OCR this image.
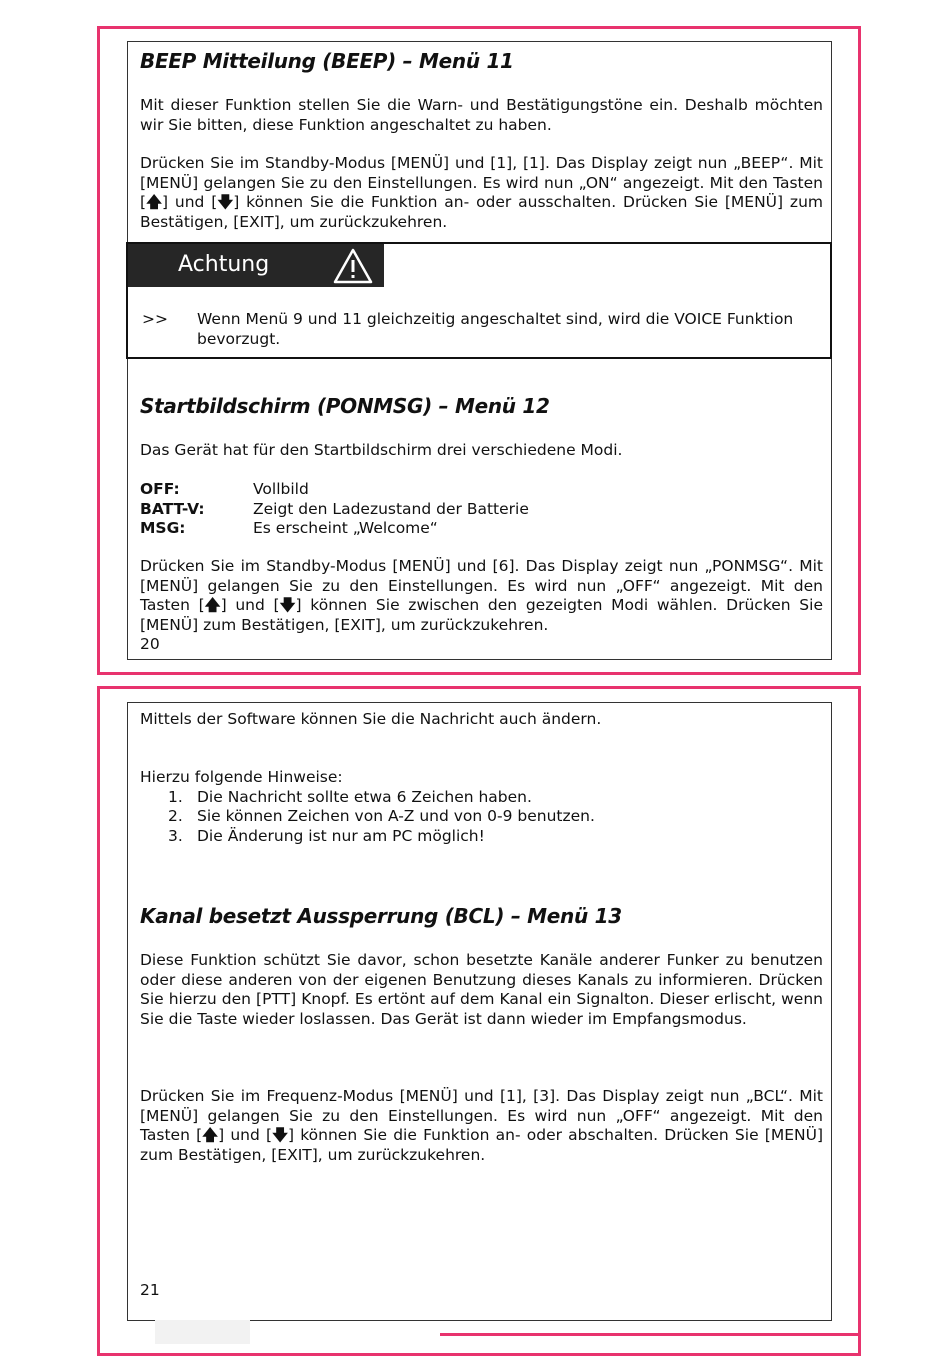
BEEP Mitteilung (BEEP) – Menü 11

Mit dieser Funktion stellen Sie die Warn- und Bestätigungstöne ein. Deshalb möchten wir Sie bitten, diese Funktion angeschaltet zu haben.

Drücken Sie im Standby-Modus [MENÜ] und [1], [1]. Das Display zeigt nun „BEEP“. Mit [MENÜ] gelangen Sie zu den Einstellungen. Es wird nun „ON“ angezeigt. Mit den Tasten [🡅] und [🡇] können Sie die Funktion an- oder ausschalten. Drücken Sie [MENÜ] zum Bestätigen, [EXIT], um zurückzukehren.

Achtung
>> Wenn Menü 9 und 11 gleichzeitig angeschaltet sind, wird die VOICE Funktion bevorzugt.

Startbildschirm (PONMSG) – Menü 12

Das Gerät hat für den Startbildschirm drei verschiedene Modi.

OFF:	Vollbild
BATT-V:	Zeigt den Ladezustand der Batterie
MSG:	Es erscheint „Welcome“

Drücken Sie im Standby-Modus [MENÜ] und [6]. Das Display zeigt nun „PONMSG“. Mit [MENÜ] gelangen Sie zu den Einstellungen. Es wird nun „OFF“ angezeigt. Mit den Tasten [🡅] und [🡇] können Sie zwischen den gezeigten Modi wählen. Drücken Sie [MENÜ] zum Bestätigen, [EXIT], um zurückzukehren.

20

Mittels der Software können Sie die Nachricht auch ändern.

Hierzu folgende Hinweise:

1. Die Nachricht sollte etwa 6 Zeichen haben.
2. Sie können Zeichen von A-Z und von 0-9 benutzen.
3. Die Änderung ist nur am PC möglich!
Kanal besetzt Aussperrung (BCL) – Menü 13

Diese Funktion schützt Sie davor, schon besetzte Kanäle anderer Funker zu benutzen oder diese anderen von der eigenen Benutzung dieses Kanals zu informieren. Drücken Sie hierzu den [PTT] Knopf. Es ertönt auf dem Kanal ein Signalton. Dieser erlischt, wenn Sie die Taste wieder loslassen. Das Gerät ist dann wieder im Empfangsmodus.

Drücken Sie im Frequenz-Modus [MENÜ] und [1], [3]. Das Display zeigt nun „BCL“. Mit [MENÜ] gelangen Sie zu den Einstellungen. Es wird nun „OFF“ angezeigt. Mit den Tasten [🡅] und [🡇] können Sie die Funktion an- oder abschalten. Drücken Sie [MENÜ] zum Bestätigen, [EXIT], um zurückzukehren.

21
